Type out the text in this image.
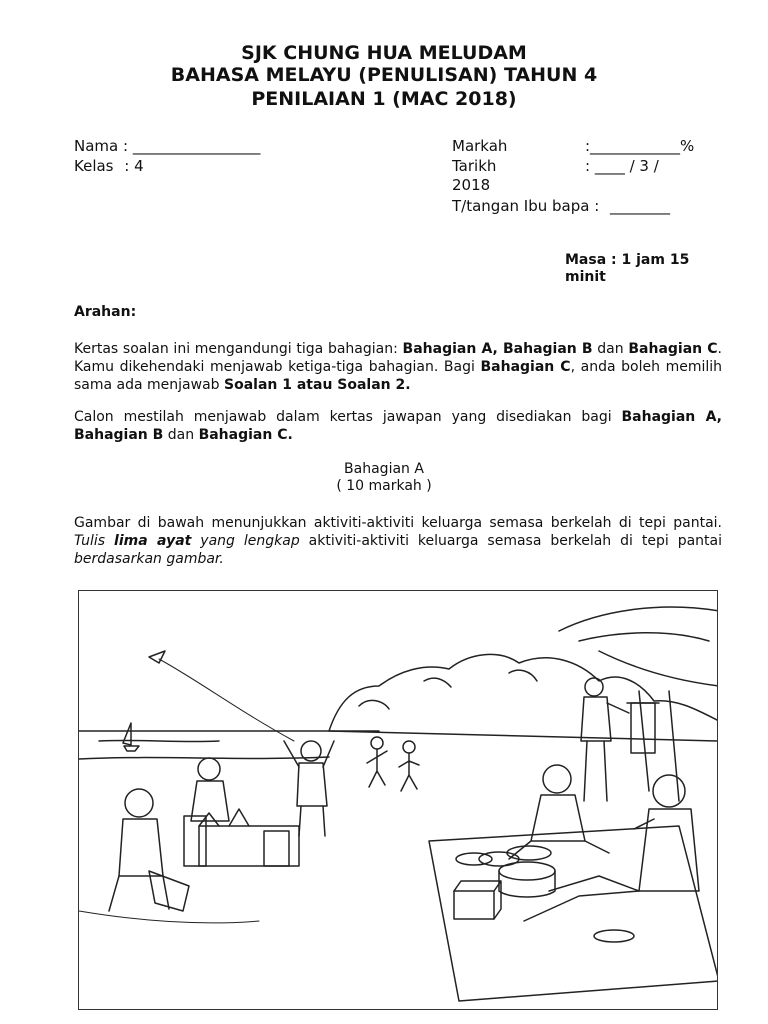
SJK CHUNG HUA MELUDAM
BAHASA MELAYU (PENULISAN) TAHUN 4
PENILAIAN 1 (MAC 2018)
Nama : _________________
Kelas : 4
Markah	:____________%
Tarikh	: ____ / 3 /
2018
T/tangan Ibu bapa : ________
Masa : 1 jam 15 minit
Arahan:
Kertas soalan ini mengandungi tiga bahagian: Bahagian A, Bahagian B dan Bahagian C. Kamu dikehendaki menjawab ketiga-tiga bahagian. Bagi Bahagian C, anda boleh memilih sama ada menjawab Soalan 1 atau Soalan 2.
Calon mestilah menjawab dalam kertas jawapan yang disediakan bagi Bahagian A, Bahagian B dan Bahagian C.
Bahagian A
( 10 markah )
Gambar di bawah menunjukkan aktiviti-aktiviti keluarga semasa berkelah di tepi pantai. Tulis lima ayat yang lengkap aktiviti-aktiviti keluarga semasa berkelah di tepi pantai berdasarkan gambar.
